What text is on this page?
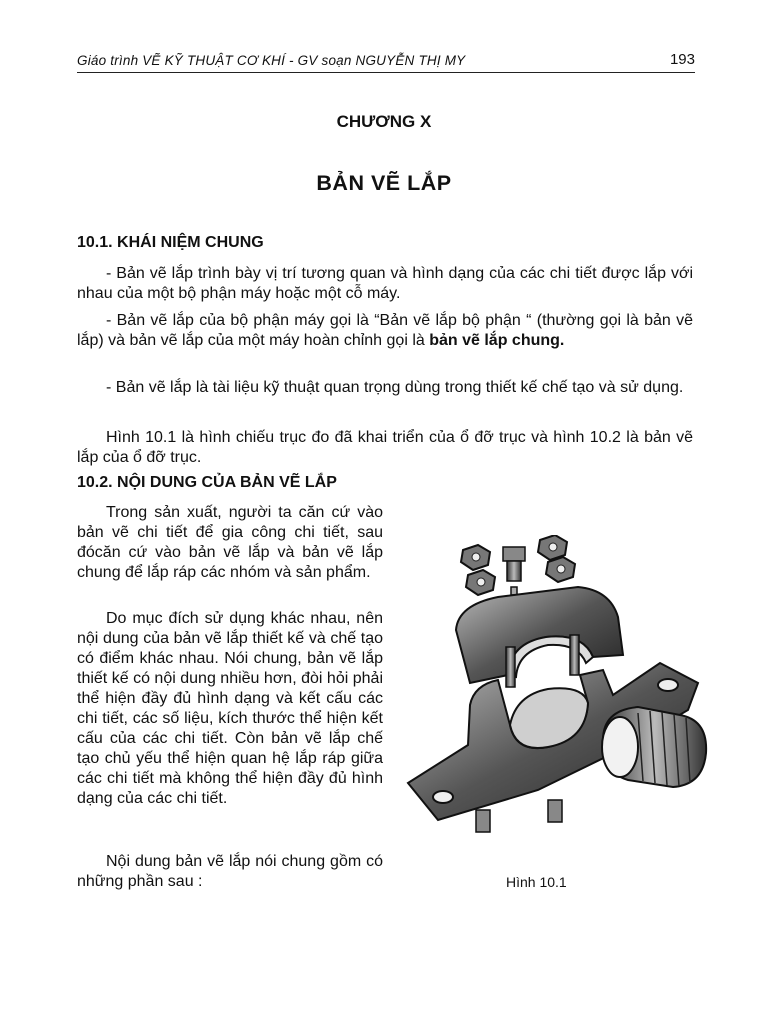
Giáo trình VẼ KỸ THUẬT CƠ KHÍ - GV soạn NGUYỄN THỊ MY	193
CHƯƠNG X
BẢN VẼ LẮP
10.1. KHÁI NIỆM CHUNG
- Bản vẽ lắp trình bày vị trí tương quan và hình dạng của các chi tiết được lắp với nhau của một bộ phận máy hoặc một cỗ máy.
- Bản vẽ lắp của bộ phận máy gọi là “Bản vẽ lắp bộ phận “ (thường gọi là bản vẽ lắp) và bản vẽ lắp của một máy hoàn chỉnh gọi là bản vẽ lắp chung.
- Bản vẽ lắp là tài liệu kỹ thuật quan trọng dùng trong thiết kế chế tạo và sử dụng.
Hình 10.1 là hình chiếu trục đo đã khai triển của ổ đỡ trục và hình 10.2 là bản vẽ lắp của ổ đỡ trục.
10.2. NỘI DUNG CỦA BẢN VẼ LẮP
Trong sản xuất, người ta căn cứ vào bản vẽ chi tiết để gia công chi tiết, sau đócăn cứ vào bản vẽ lắp và bản vẽ lắp chung để lắp ráp các nhóm và sản phẩm.
Do mục đích sử dụng khác nhau, nên nội dung của bản vẽ lắp thiết kế và chế tạo có điểm khác nhau. Nói chung, bản vẽ lắp thiết kế có nội dung nhiều hơn, đòi hỏi phải thể hiện đầy đủ hình dạng và kết cấu các chi tiết, các số liệu, kích thước thể hiện kết cấu của các chi tiết. Còn bản vẽ lắp chế tạo chủ yếu thể hiện quan hệ lắp ráp giữa các chi tiết mà không thể hiện đầy đủ hình dạng của các chi tiết.
Nội dung bản vẽ lắp nói chung gồm có những phần sau :	Hình 10.1
